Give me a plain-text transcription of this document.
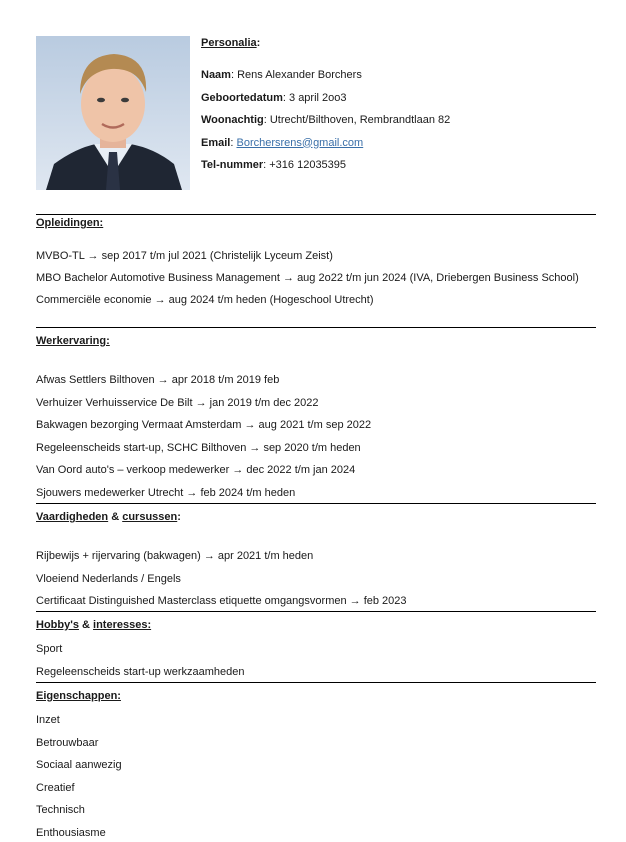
Personalia:
Naam: Rens Alexander Borchers
Geboortedatum: 3 april 2oo3
Woonachtig: Utrecht/Bilthoven, Rembrandtlaan 82
Email: Borchersrens@gmail.com
Tel-nummer: +316 12035395
Opleidingen:

MVBO-TL → sep 2017 t/m jul 2021 (Christelijk Lyceum Zeist)

MBO Bachelor Automotive Business Management → aug 2o22 t/m jun 2024 (IVA, Driebergen Business School)

Commerciële economie → aug 2024 t/m heden (Hogeschool Utrecht)

Werkervaring:

Afwas Settlers Bilthoven → apr 2018 t/m 2019 feb

Verhuizer Verhuisservice De Bilt → jan 2019 t/m dec 2022

Bakwagen bezorging Vermaat Amsterdam → aug 2021 t/m sep 2022

Regeleenscheids start-up, SCHC Bilthoven → sep 2020 t/m heden

Van Oord auto's – verkoop medewerker → dec 2022 t/m jan 2024

Sjouwers medewerker Utrecht → feb 2024 t/m heden

Vaardigheden & cursussen:

Rijbewijs + rijervaring (bakwagen) → apr 2021 t/m heden

Vloeiend Nederlands / Engels

Certificaat Distinguished Masterclass etiquette omgangsvormen → feb 2023

Hobby's & interesses:

Sport

Regeleenscheids start-up werkzaamheden

Eigenschappen:

Inzet

Betrouwbaar

Sociaal aanwezig

Creatief

Technisch

Enthousiasme
